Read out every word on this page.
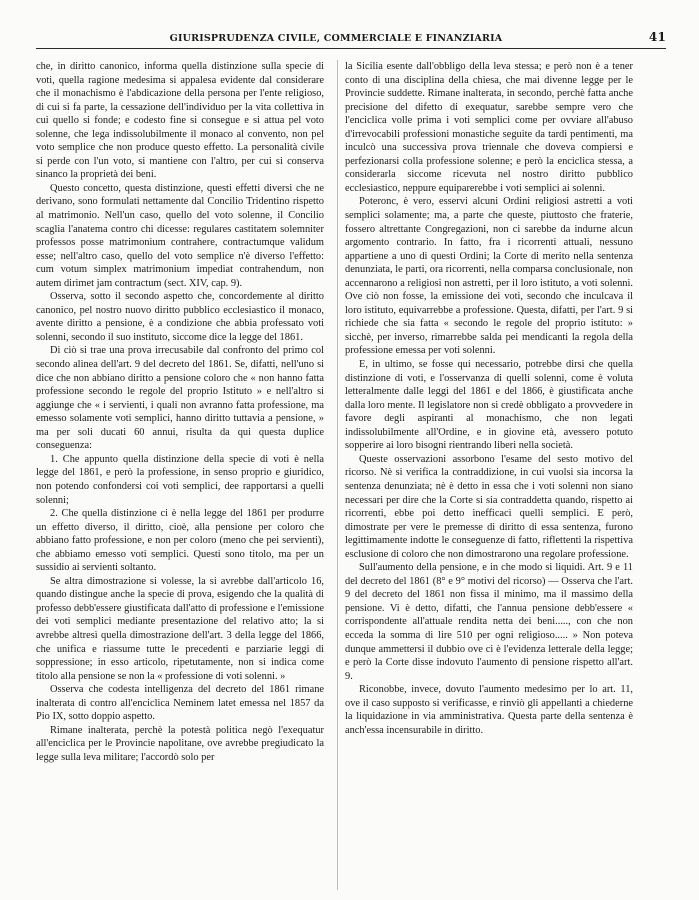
GIURISPRUDENZA CIVILE, COMMERCIALE E FINANZIARIA	41

che, in diritto canonico, informa quella distinzione sulla specie di voti, quella ragione medesima si appalesa evidente dal considerare che il monachismo è l'abdicazione della persona per l'ente religioso, di cui si fa parte, la cessazione dell'individuo per la vita collettiva in cui quello si fonde; e codesto fine si consegue e si attua pel voto solenne, che lega indissolubilmente il monaco al convento, non pel voto semplice che non produce questo effetto. La personalità civile si perde con l'un voto, si mantiene con l'altro, per cui si conserva sinanco la proprietà dei beni.

Questo concetto, questa distinzione, questi effetti diversi che ne derivano, sono formulati nettamente dal Concilio Tridentino rispetto al matrimonio. Nell'un caso, quello del voto solenne, il Concilio scaglia l'anatema contro chi dicesse: regulares castitatem solemniter professos posse matrimonium contrahere, contractumque validum esse; nell'altro caso, quello del voto semplice n'è diverso l'effetto: cum votum simplex matrimonium impediat contrahendum, non autem dirimet jam contractum (sect. XIV, cap. 9).

Osserva, sotto il secondo aspetto che, concordemente al diritto canonico, pel nostro nuovo diritto pubblico ecclesiastico il monaco, avente diritto a pensione, è a condizione che abbia professato voti solenni, secondo il suo instituto, siccome dice la legge del 1861.

Di ciò si trae una prova irrecusabile dal confronto del primo col secondo alinea dell'art. 9 del decreto del 1861. Se, difatti, nell'uno si dice che non abbiano diritto a pensione coloro che « non hanno fatta professione secondo le regole del proprio Istituto » e nell'altro si aggiunge che « i servienti, i quali non avranno fatta professione, ma emesso solamente voti semplici, hanno diritto tuttavia a pensione, » ma per soli ducati 60 annui, risulta da qui questa duplice conseguenza:

1. Che appunto quella distinzione della specie di voti è nella legge del 1861, e però la professione, in senso proprio e giuridico, non potendo confondersi coi voti semplici, dee rapportarsi a quelli solenni;

2. Che quella distinzione ci è nella legge del 1861 per produrre un effetto diverso, il diritto, cioè, alla pensione per coloro che abbiano fatto professione, e non per coloro (meno che pei servienti), che abbiamo emesso voti semplici. Questi sono titolo, ma per un sussidio ai servienti soltanto.

Se altra dimostrazione si volesse, la si avrebbe dall'articolo 16, quando distingue anche la specie di prova, esigendo che la qualità di professo debb'essere giustificata dall'atto di professione e l'emissione dei voti semplici mediante presentazione del relativo atto; la si avrebbe altresì quella dimostrazione dell'art. 3 della legge del 1866, che unifica e riassume tutte le precedenti e parziarie leggi di soppressione; in esso articolo, ripetutamente, non si indica come titolo alla pensione se non la « professione di voti solenni. »

Osserva che codesta intelligenza del decreto del 1861 rimane inalterata di contro all'enciclica Neminem latet emessa nel 1857 da Pio IX, sotto doppio aspetto.

Rimane inalterata, perchè la potestà politica negò l'exequatur all'enciclica per le Provincie napolitane, ove avrebbe pregiudicato la legge sulla leva militare; l'accordò solo per

la Sicilia esente dall'obbligo della leva stessa; e però non è a tener conto di una disciplina della chiesa, che mai divenne legge per le Provincie suddette. Rimane inalterata, in secondo, perchè fatta anche precisione del difetto di exequatur, sarebbe sempre vero che l'enciclica volle prima i voti semplici come per ovviare all'abuso d'irrevocabili professioni monastiche seguite da tardi pentimenti, ma inculcò una successiva prova triennale che doveva compiersi e perfezionarsi colla professione solenne; e però la enciclica stessa, a considerarla siccome ricevuta nel nostro diritto pubblico ecclesiastico, neppure equiparerebbe i voti semplici ai solenni.

Poteronc, è vero, esservi alcuni Ordini religiosi astretti a voti semplici solamente; ma, a parte che queste, piuttosto che fraterie, fossero altrettante Congregazioni, non ci sarebbe da indurne alcun argomento contrario. In fatto, fra i ricorrenti attuali, nessuno appartiene a uno di questi Ordini; la Corte di merito nella sentenza denunziata, le parti, ora ricorrenti, nella comparsa conclusionale, non accennarono a religiosi non astretti, per il loro istituto, a voti solenni. Ove ciò non fosse, la emissione dei voti, secondo che inculcava il loro istituto, equivarrebbe a professione. Questa, difatti, per l'art. 9 si richiede che sia fatta « secondo le regole del proprio istituto: » sicchè, per inverso, rimarrebbe salda pei mendicanti la regola della professione emessa per voti solenni.

E, in ultimo, se fosse qui necessario, potrebbe dirsi che quella distinzione di voti, e l'osservanza di quelli solenni, come è voluta letteralmente dalle leggi del 1861 e del 1866, è giustificata anche dalla loro mente. Il legislatore non si credè obbligato a provvedere in favore degli aspiranti al monachismo, che non legati indissolubilmente all'Ordine, e in giovine età, avessero potuto sopperire ai loro bisogni rientrando liberi nella società.

Queste osservazioni assorbono l'esame del sesto motivo del ricorso. Nè si verifica la contraddizione, in cui vuolsi sia incorsa la sentenza denunziata; nè è detto in essa che i voti solenni non siano necessari per dire che la Corte si sia contraddetta quando, rispetto ai ricorrenti, ebbe poi detto inefficaci quelli semplici. E però, dimostrate per vere le premesse di diritto di essa sentenza, furono legittimamente indotte le conseguenze di fatto, riflettenti la rispettiva esclusione di coloro che non dimostrarono una regolare professione.

Sull'aumento della pensione, e in che modo si liquidi. Art. 9 e 11 del decreto del 1861 (8° e 9° motivi del ricorso) — Osserva che l'art. 9 del decreto del 1861 non fissa il minimo, ma il massimo della pensione. Vi è detto, difatti, che l'annua pensione debb'essere « corrispondente all'attuale rendita netta dei beni....., con che non ecceda la somma di lire 510 per ogni religioso..... » Non poteva dunque ammettersi il dubbio ove ci è l'evidenza letterale della legge; e però la Corte disse indovuto l'aumento di pensione rispetto all'art. 9.

Riconobbe, invece, dovuto l'aumento medesimo per lo art. 11, ove il caso supposto si verificasse, e rinviò gli appellanti a chiederne la liquidazione in via amministrativa. Questa parte della sentenza è anch'essa incensurabile in diritto.
